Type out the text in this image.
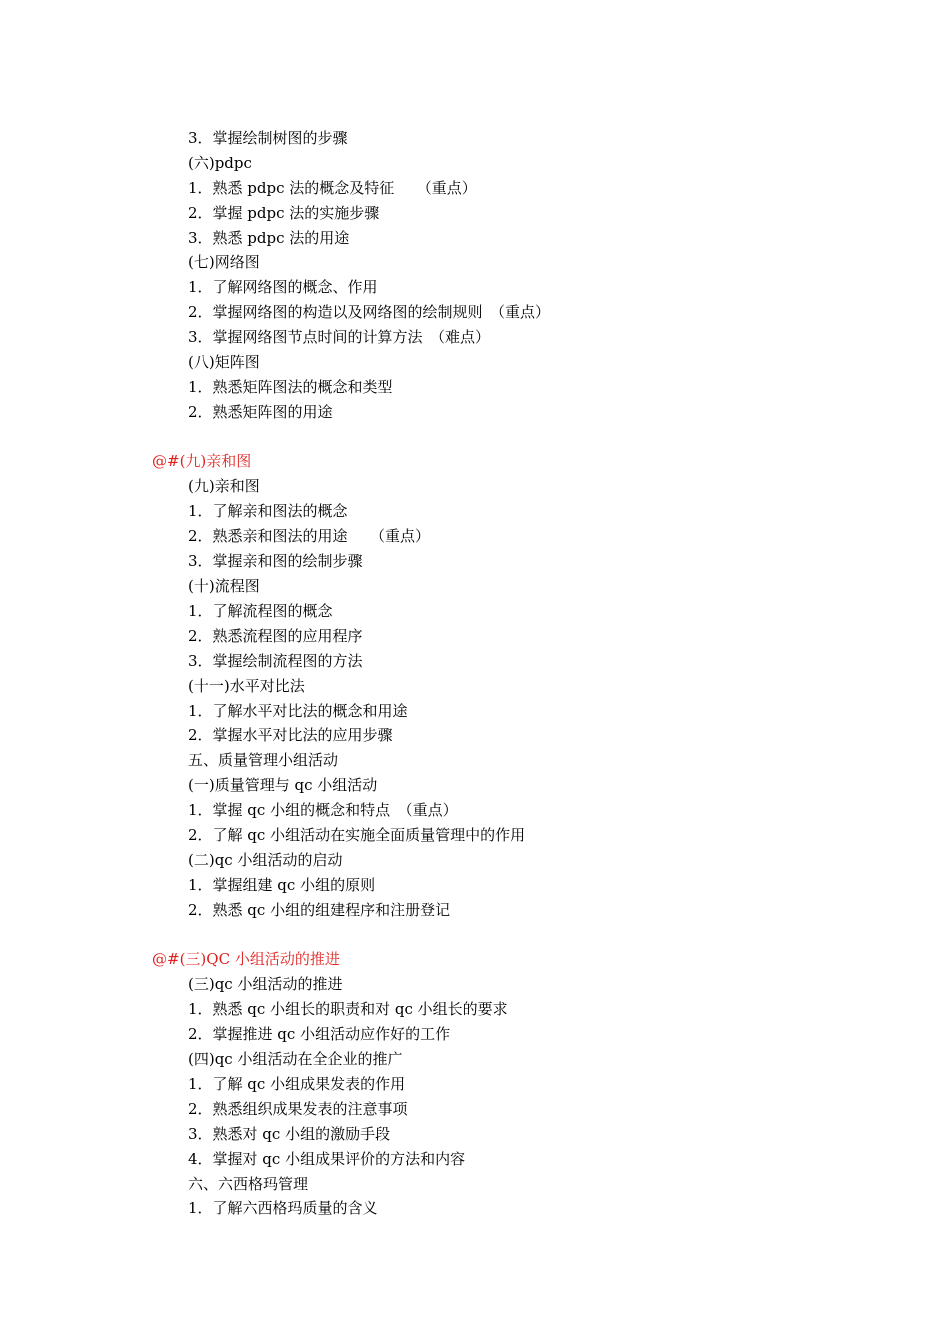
3．掌握绘制树图的步骤
(六)pdpc
1．熟悉 pdpc 法的概念及特征　　（重点）
2．掌握 pdpc 法的实施步骤
3．熟悉 pdpc 法的用途
(七)网络图
1．了解网络图的概念、作用
2．掌握网络图的构造以及网络图的绘制规则　（重点）
3．掌握网络图节点时间的计算方法　（难点）
(八)矩阵图
1．熟悉矩阵图法的概念和类型
2．熟悉矩阵图的用途
@#(九)亲和图
(九)亲和图
1．了解亲和图法的概念
2．熟悉亲和图法的用途　　（重点）
3．掌握亲和图的绘制步骤
(十)流程图
1．了解流程图的概念
2．熟悉流程图的应用程序
3．掌握绘制流程图的方法
(十一)水平对比法
1．了解水平对比法的概念和用途
2．掌握水平对比法的应用步骤
五、质量管理小组活动
(一)质量管理与 qc 小组活动
1．掌握 qc 小组的概念和特点　（重点）
2．了解 qc 小组活动在实施全面质量管理中的作用
(二)qc 小组活动的启动
1．掌握组建 qc 小组的原则
2．熟悉 qc 小组的组建程序和注册登记
@#(三)QC 小组活动的推进
(三)qc 小组活动的推进
1．熟悉 qc 小组长的职责和对 qc 小组长的要求
2．掌握推进 qc 小组活动应作好的工作
(四)qc 小组活动在全企业的推广
1．了解 qc 小组成果发表的作用
2．熟悉组织成果发表的注意事项
3．熟悉对 qc 小组的激励手段
4．掌握对 qc 小组成果评价的方法和内容
六、六西格玛管理
1．了解六西格玛质量的含义
